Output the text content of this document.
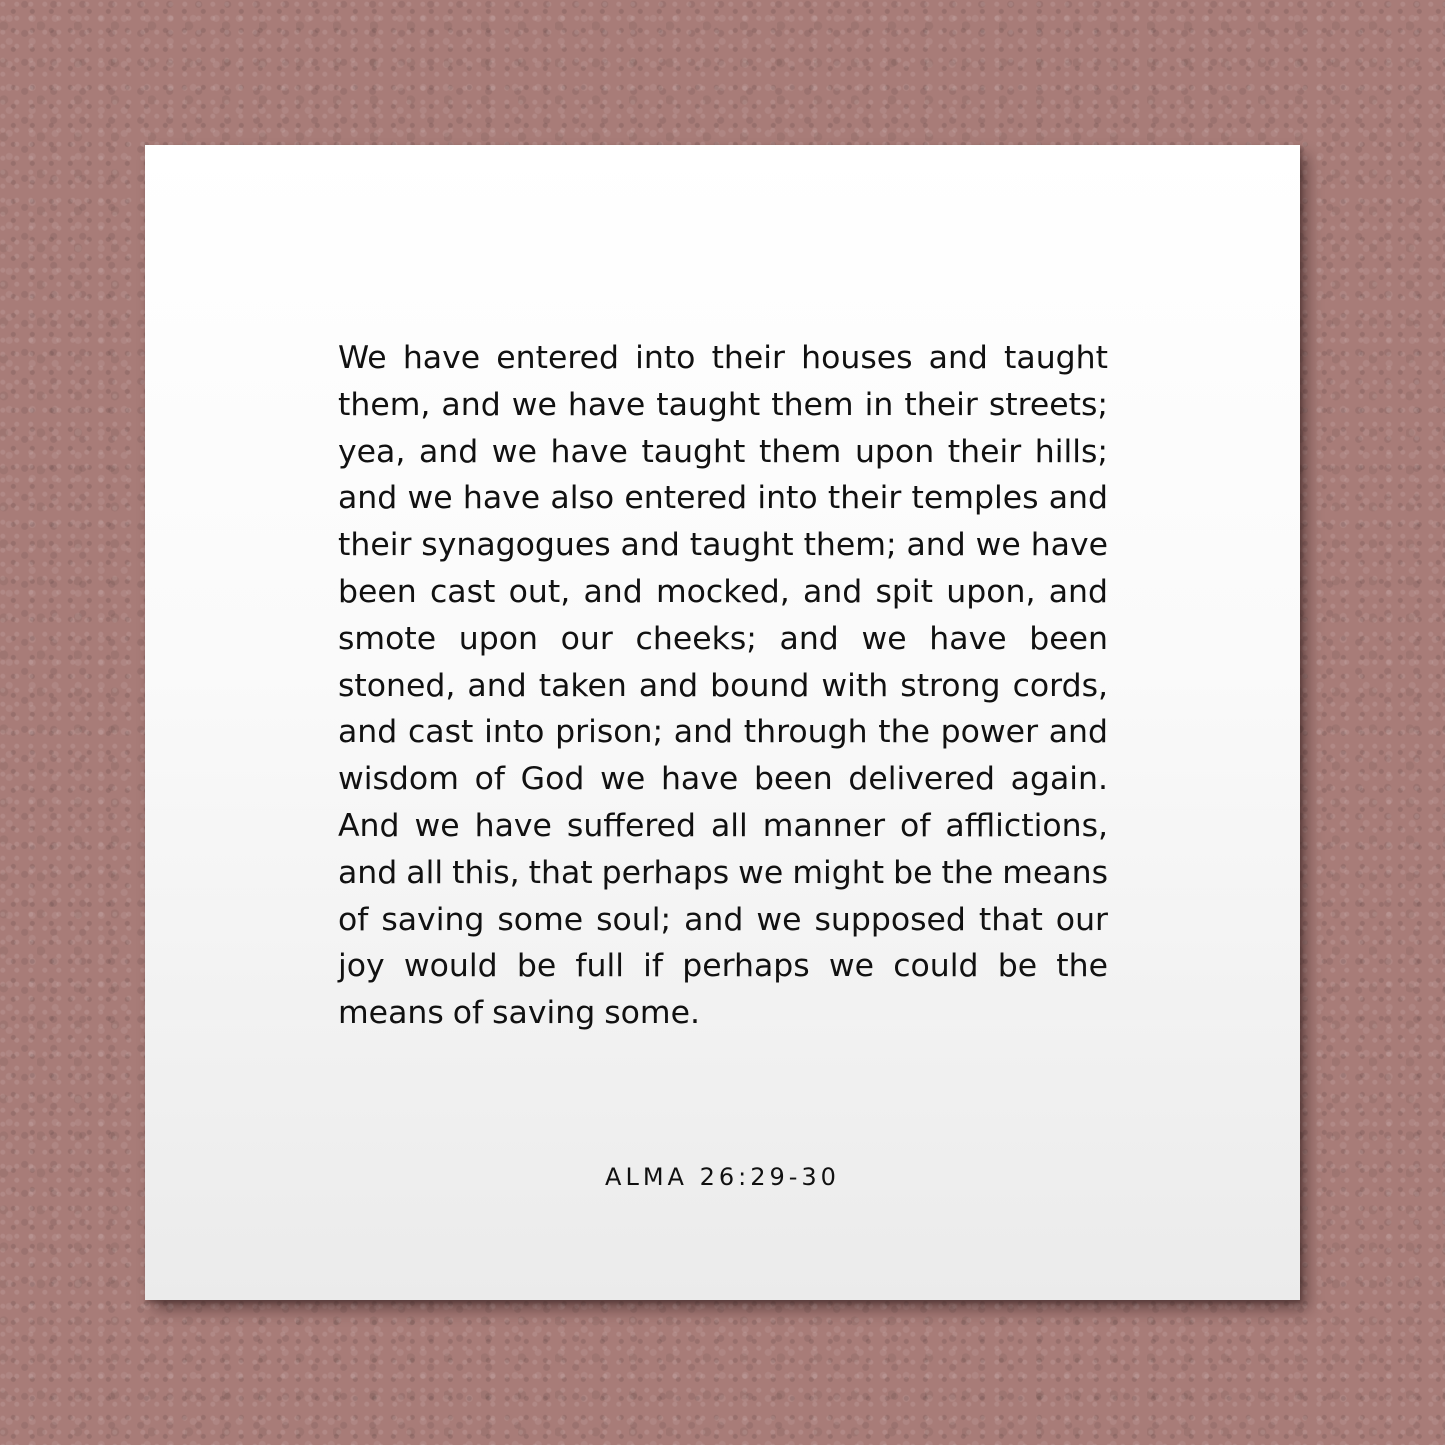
We have entered into their houses and taught them, and we have taught them in their streets; yea, and we have taught them upon their hills; and we have also entered into their temples and their synagogues and taught them; and we have been cast out, and mocked, and spit upon, and smote upon our cheeks; and we have been stoned, and taken and bound with strong cords, and cast into prison; and through the power and wisdom of God we have been delivered again. And we have suffered all manner of afflictions, and all this, that perhaps we might be the means of saving some soul; and we supposed that our joy would be full if perhaps we could be the means of saving some.

ALMA 26:29-30
